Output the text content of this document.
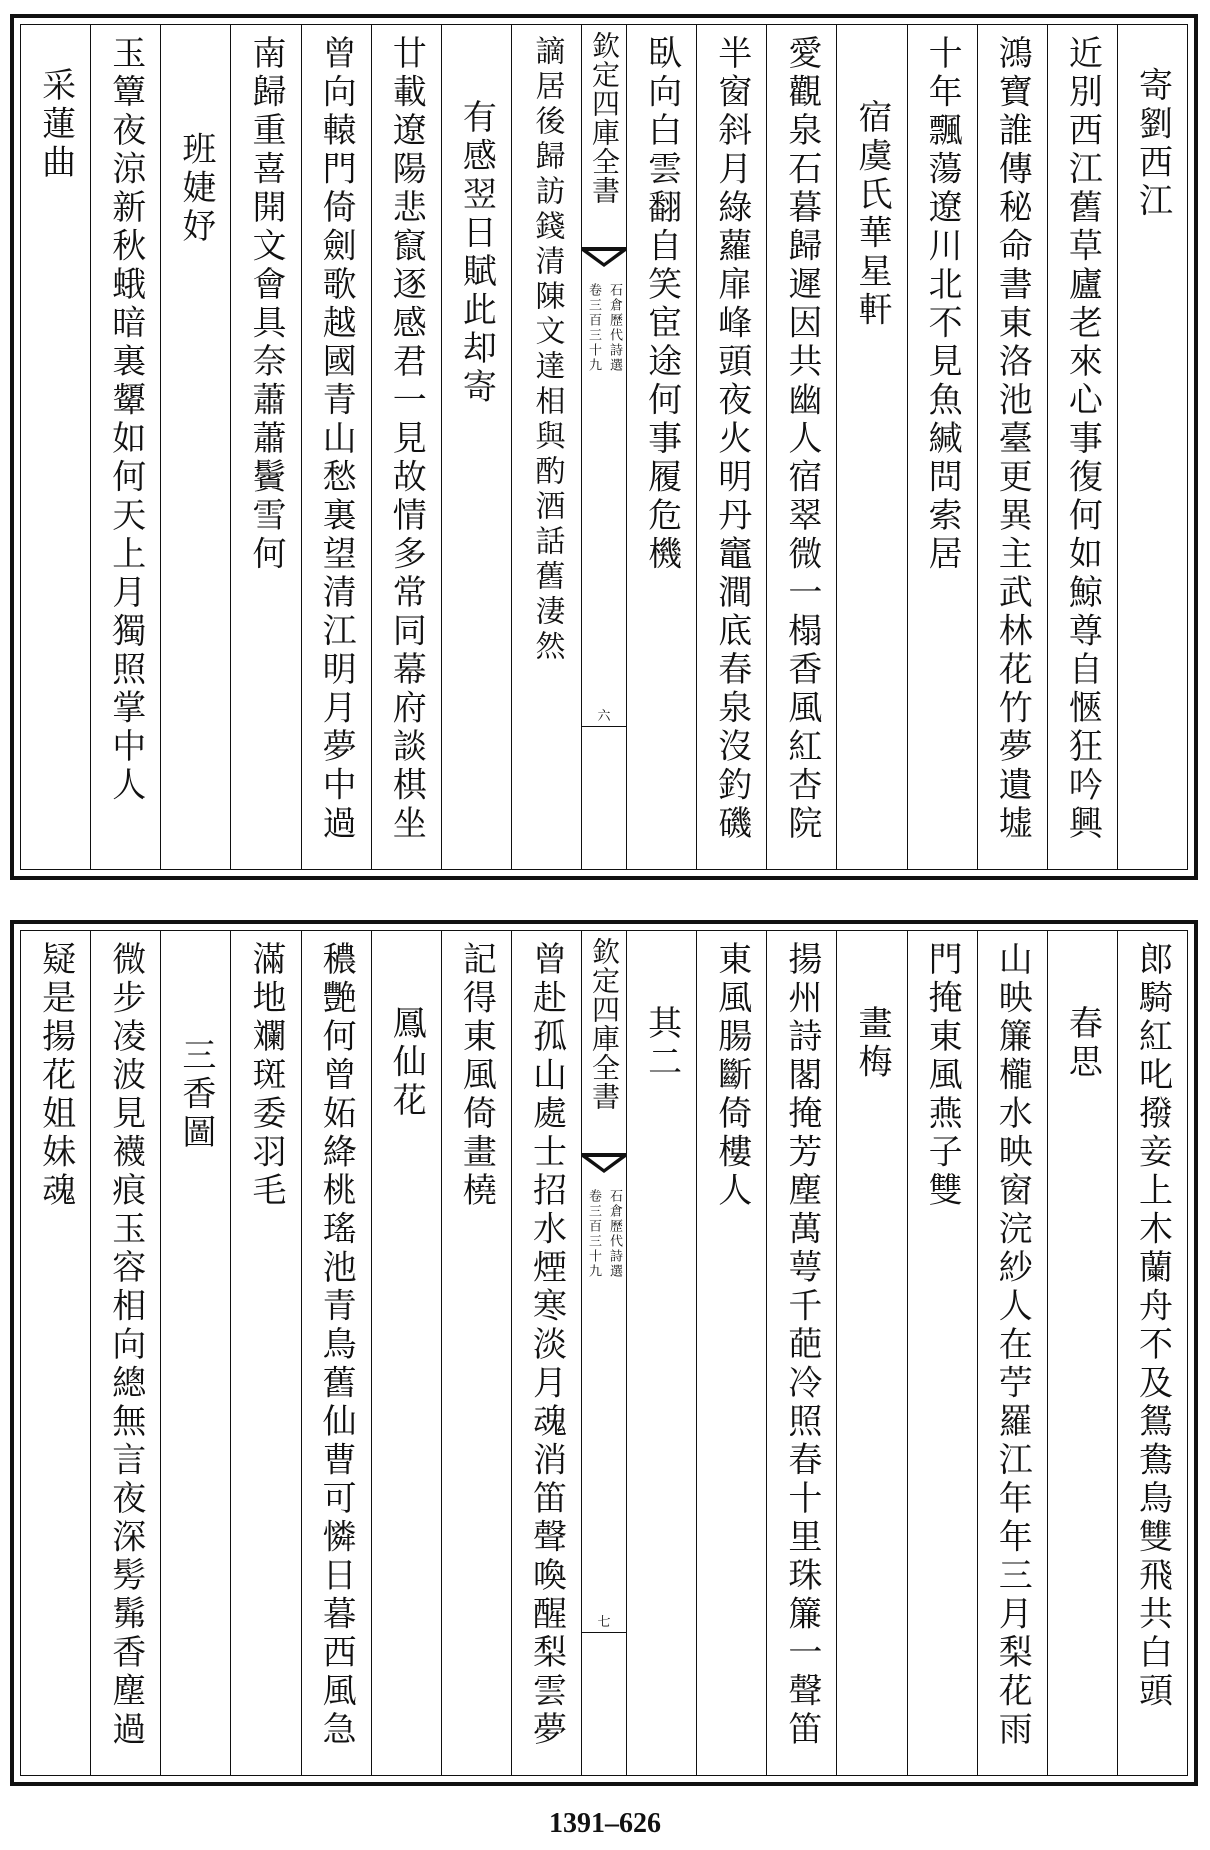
寄劉西江
近別西江舊草廬老來心事復何如鯨尊自愜狂吟興
鴻寶誰傳秘命書東洛池臺更異主武林花竹夢遺墟
十年飄蕩遼川北不見魚緘問索居
宿虞氏華星軒
愛觀泉石暮歸遲因共幽人宿翠微一榻香風紅杏院
半窗斜月綠蘿扉峰頭夜火明丹竈澗底春泉沒釣磯
臥向白雲翻自笑宦途何事履危機
欽定四庫全書
石倉歷代詩選
卷三百三十九
六
謫居後歸訪錢清陳文達相與酌酒話舊淒然
有感翌日賦此却寄
廿載遼陽悲竄逐感君一見故情多常同幕府談棋坐
曾向轅門倚劍歌越國青山愁裏望清江明月夢中過
南歸重喜開文會具奈蕭蕭鬢雪何
班婕妤
玉簟夜涼新秋蛾暗裏顰如何天上月獨照掌中人
采蓮曲
郎騎紅叱撥妾上木蘭舟不及鴛鴦鳥雙飛共白頭
春思
山映簾櫳水映窗浣紗人在苧羅江年年三月梨花雨
門掩東風燕子雙
畫梅
揚州詩閣掩芳塵萬萼千葩冷照春十里珠簾一聲笛
東風腸斷倚樓人
其二
欽定四庫全書
石倉歷代詩選
卷三百三十九
七
曾赴孤山處士招水煙寒淡月魂消笛聲喚醒梨雲夢
記得東風倚畫橈
鳳仙花
穠艷何曾妬絳桃瑤池青鳥舊仙曹可憐日暮西風急
滿地斕斑委羽毛
三香圖
微步凌波見襪痕玉容相向總無言夜深髣髴香塵過
疑是揚花姐妹魂
1391–626
